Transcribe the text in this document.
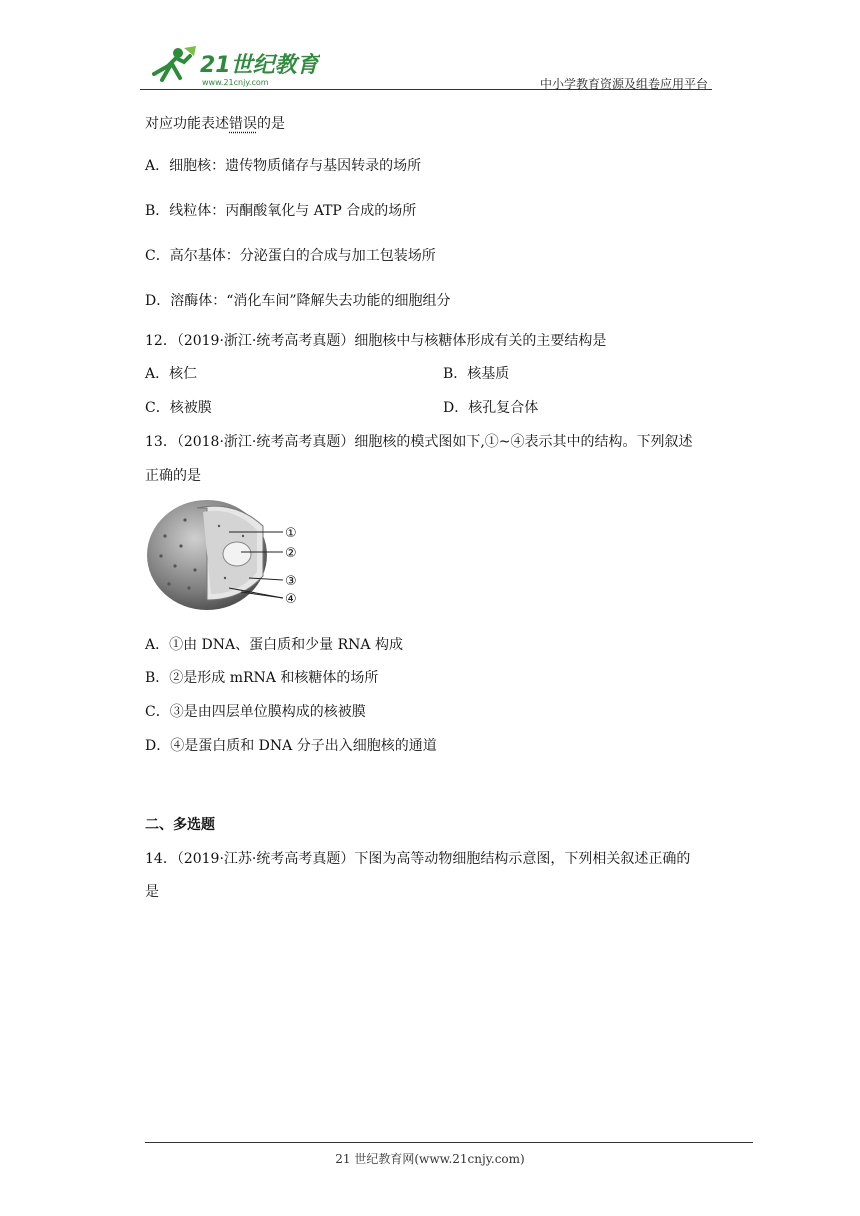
21世纪教育
www.21cnjy.com	中小学教育资源及组卷应用平台
对应功能表述错误的是
A．细胞核：遗传物质储存与基因转录的场所
B．线粒体：丙酮酸氧化与 ATP 合成的场所
C．高尔基体：分泌蛋白的合成与加工包装场所
D．溶酶体：“消化车间”降解失去功能的细胞组分
12．（2019·浙江·统考高考真题）细胞核中与核糖体形成有关的主要结构是
A．核仁	B．核基质
C．核被膜	D．核孔复合体
13．（2018·浙江·统考高考真题）细胞核的模式图如下,①~④表示其中的结构。下列叙述
正确的是
①
②
③
④
A．①由 DNA、蛋白质和少量 RNA 构成
B．②是形成 mRNA 和核糖体的场所
C．③是由四层单位膜构成的核被膜
D．④是蛋白质和 DNA 分子出入细胞核的通道
二、多选题
14．（2019·江苏·统考高考真题）下图为高等动物细胞结构示意图，下列相关叙述正确的
是
21 世纪教育网(www.21cnjy.com)
